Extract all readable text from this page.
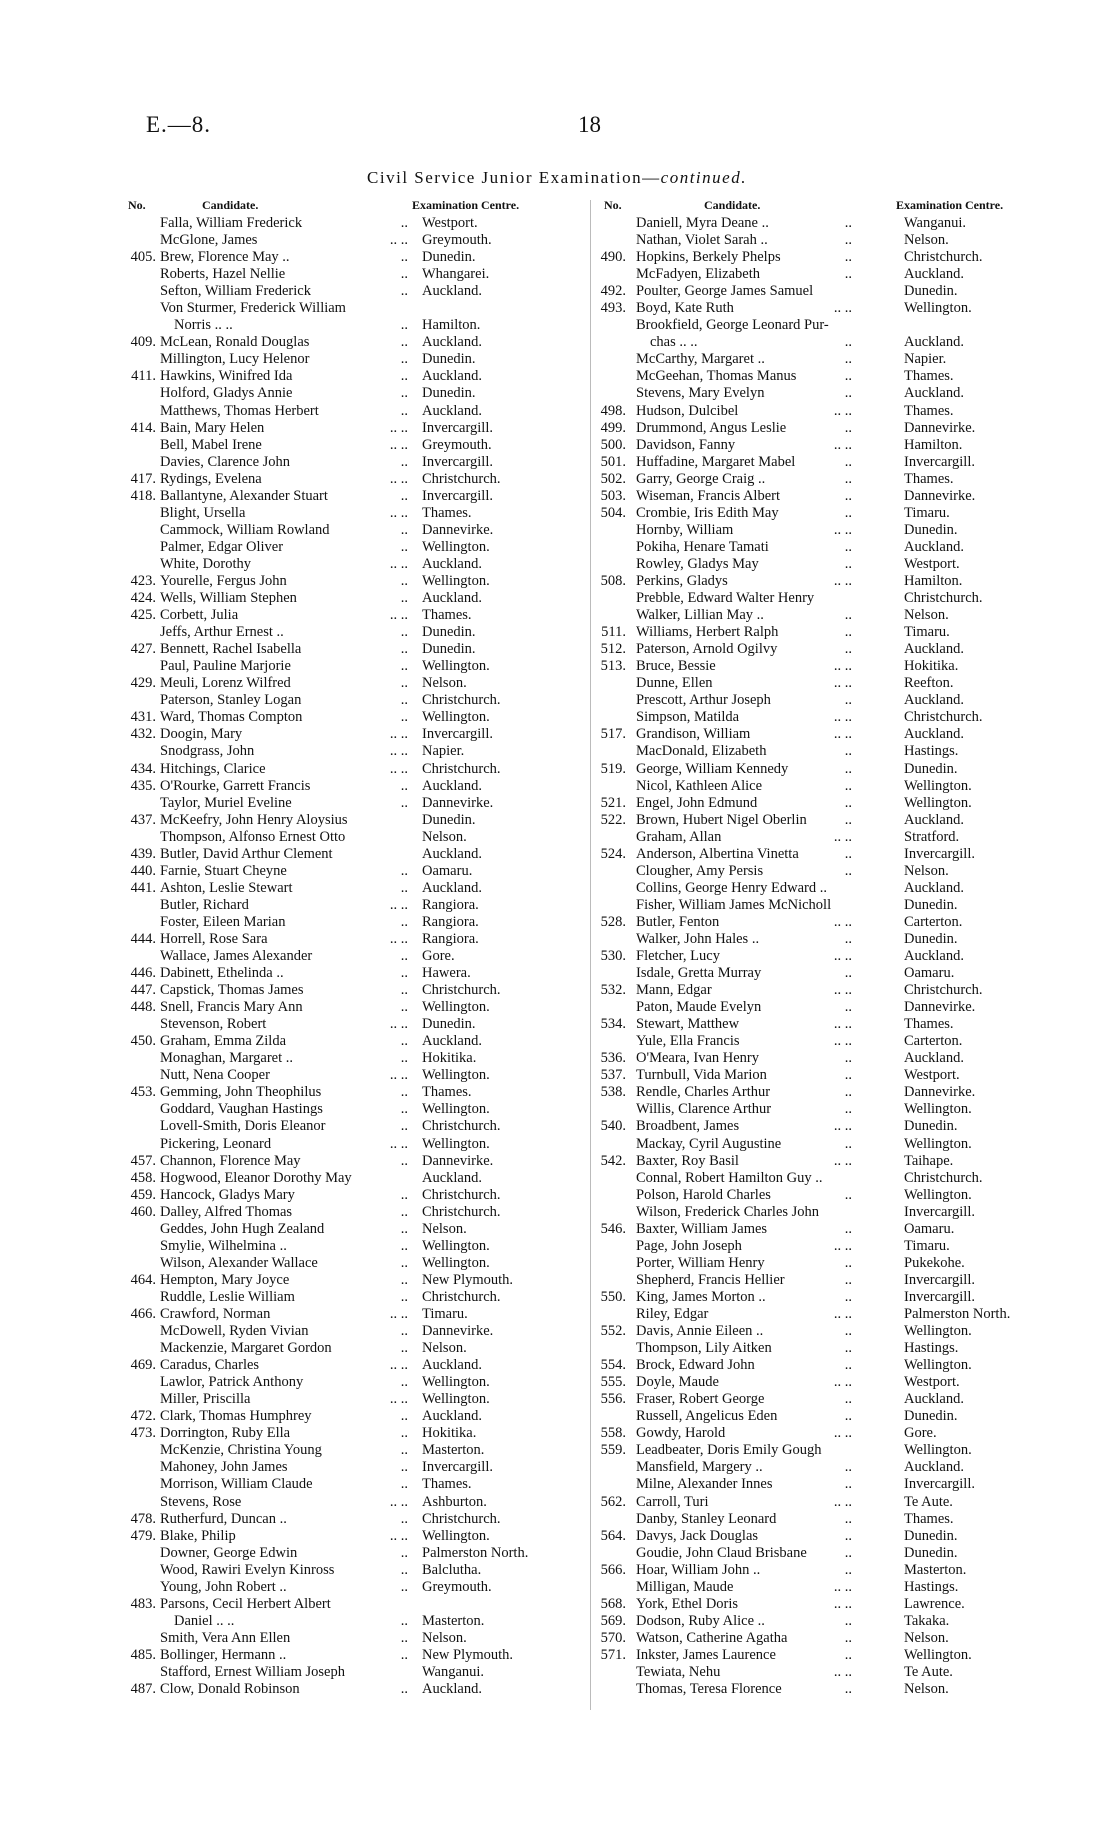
E.—8.	18
Civil Service Junior Examination—continued.
No.	Candidate.	Examination Centre.
Falla, William Frederick	.. Westport.
McGlone, James	.. .. Greymouth.
405. Brew, Florence May ..	.. Dunedin.
Roberts, Hazel Nellie	.. Whangarei.
Sefton, William Frederick	.. Auckland.
Von Sturmer, Frederick William
Norris .. ..	.. Hamilton.
409. McLean, Ronald Douglas	.. Auckland.
Millington, Lucy Helenor	.. Dunedin.
411. Hawkins, Winifred Ida	.. Auckland.
Holford, Gladys Annie	.. Dunedin.
Matthews, Thomas Herbert	.. Auckland.
414. Bain, Mary Helen	.. .. Invercargill.
Bell, Mabel Irene	.. .. Greymouth.
Davies, Clarence John	.. Invercargill.
417. Rydings, Evelena	.. .. Christchurch.
418. Ballantyne, Alexander Stuart	.. Invercargill.
Blight, Ursella	.. .. Thames.
Cammock, William Rowland	.. Dannevirke.
Palmer, Edgar Oliver	.. Wellington.
White, Dorothy	.. .. Auckland.
423. Yourelle, Fergus John	.. Wellington.
424. Wells, William Stephen	.. Auckland.
425. Corbett, Julia	.. .. Thames.
Jeffs, Arthur Ernest ..	.. Dunedin.
427. Bennett, Rachel Isabella	.. Dunedin.
Paul, Pauline Marjorie	.. Wellington.
429. Meuli, Lorenz Wilfred	.. Nelson.
Paterson, Stanley Logan	.. Christchurch.
431. Ward, Thomas Compton	.. Wellington.
432. Doogin, Mary	.. .. Invercargill.
Snodgrass, John	.. .. Napier.
434. Hitchings, Clarice	.. .. Christchurch.
435. O'Rourke, Garrett Francis	.. Auckland.
Taylor, Muriel Eveline	.. Dannevirke.
437. McKeefry, John Henry Aloysius	Dunedin.
Thompson, Alfonso Ernest Otto	Nelson.
439. Butler, David Arthur Clement	Auckland.
440. Farnie, Stuart Cheyne	.. Oamaru.
441. Ashton, Leslie Stewart	.. Auckland.
Butler, Richard	.. .. Rangiora.
Foster, Eileen Marian	.. Rangiora.
444. Horrell, Rose Sara	.. .. Rangiora.
Wallace, James Alexander	.. Gore.
446. Dabinett, Ethelinda ..	.. Hawera.
447. Capstick, Thomas James	.. Christchurch.
448. Snell, Francis Mary Ann	.. Wellington.
Stevenson, Robert	.. .. Dunedin.
450. Graham, Emma Zilda	.. Auckland.
Monaghan, Margaret ..	.. Hokitika.
Nutt, Nena Cooper	.. .. Wellington.
453. Gemming, John Theophilus	.. Thames.
Goddard, Vaughan Hastings	.. Wellington.
Lovell-Smith, Doris Eleanor	.. Christchurch.
Pickering, Leonard	.. .. Wellington.
457. Channon, Florence May	.. Dannevirke.
458. Hogwood, Eleanor Dorothy May	Auckland.
459. Hancock, Gladys Mary	.. Christchurch.
460. Dalley, Alfred Thomas	.. Christchurch.
Geddes, John Hugh Zealand	.. Nelson.
Smylie, Wilhelmina ..	.. Wellington.
Wilson, Alexander Wallace	.. Wellington.
464. Hempton, Mary Joyce	.. New Plymouth.
Ruddle, Leslie William	.. Christchurch.
466. Crawford, Norman	.. .. Timaru.
McDowell, Ryden Vivian	.. Dannevirke.
Mackenzie, Margaret Gordon	.. Nelson.
469. Caradus, Charles	.. .. Auckland.
Lawlor, Patrick Anthony	.. Wellington.
Miller, Priscilla	.. .. Wellington.
472. Clark, Thomas Humphrey	.. Auckland.
473. Dorrington, Ruby Ella	.. Hokitika.
McKenzie, Christina Young	.. Masterton.
Mahoney, John James	.. Invercargill.
Morrison, William Claude	.. Thames.
Stevens, Rose	.. .. Ashburton.
478. Rutherfurd, Duncan ..	.. Christchurch.
479. Blake, Philip	.. .. Wellington.
Downer, George Edwin	.. Palmerston North.
Wood, Rawiri Evelyn Kinross	.. Balclutha.
Young, John Robert ..	.. Greymouth.
483. Parsons, Cecil Herbert Albert
Daniel .. ..	.. Masterton.
Smith, Vera Ann Ellen	.. Nelson.
485. Bollinger, Hermann ..	.. New Plymouth.
Stafford, Ernest William Joseph	Wanganui.
487. Clow, Donald Robinson	.. Auckland.
No.	Candidate.	Examination Centre.
Daniell, Myra Deane ..	..	Wanganui.
Nathan, Violet Sarah ..	..	Nelson.
490. Hopkins, Berkely Phelps	..	Christchurch.
McFadyen, Elizabeth	..	Auckland.
492. Poulter, George James Samuel	Dunedin.
493. Boyd, Kate Ruth	.. ..	Wellington.
Brookfield, George Leonard Pur-
chas .. ..	..	Auckland.
McCarthy, Margaret ..	..	Napier.
McGeehan, Thomas Manus	..	Thames.
Stevens, Mary Evelyn	..	Auckland.
498. Hudson, Dulcibel	.. ..	Thames.
499. Drummond, Angus Leslie	..	Dannevirke.
500. Davidson, Fanny	.. ..	Hamilton.
501. Huffadine, Margaret Mabel	..	Invercargill.
502. Garry, George Craig ..	..	Thames.
503. Wiseman, Francis Albert	..	Dannevirke.
504. Crombie, Iris Edith May	..	Timaru.
Hornby, William	.. ..	Dunedin.
Pokiha, Henare Tamati	..	Auckland.
Rowley, Gladys May	..	Westport.
508. Perkins, Gladys	.. ..	Hamilton.
Prebble, Edward Walter Henry	Christchurch.
Walker, Lillian May ..	..	Nelson.
511. Williams, Herbert Ralph	..	Timaru.
512. Paterson, Arnold Ogilvy	..	Auckland.
513. Bruce, Bessie	.. ..	Hokitika.
Dunne, Ellen	.. ..	Reefton.
Prescott, Arthur Joseph	..	Auckland.
Simpson, Matilda	.. ..	Christchurch.
517. Grandison, William	.. ..	Auckland.
MacDonald, Elizabeth	..	Hastings.
519. George, William Kennedy	..	Dunedin.
Nicol, Kathleen Alice	..	Wellington.
521. Engel, John Edmund	..	Wellington.
522. Brown, Hubert Nigel Oberlin	..	Auckland.
Graham, Allan	.. ..	Stratford.
524. Anderson, Albertina Vinetta	..	Invercargill.
Clougher, Amy Persis	..	Nelson.
Collins, George Henry Edward ..	Auckland.
Fisher, William James McNicholl	Dunedin.
528. Butler, Fenton	.. ..	Carterton.
Walker, John Hales ..	..	Dunedin.
530. Fletcher, Lucy	.. ..	Auckland.
Isdale, Gretta Murray	..	Oamaru.
532. Mann, Edgar	.. ..	Christchurch.
Paton, Maude Evelyn	..	Dannevirke.
534. Stewart, Matthew	.. ..	Thames.
Yule, Ella Francis	.. ..	Carterton.
536. O'Meara, Ivan Henry	..	Auckland.
537. Turnbull, Vida Marion	..	Westport.
538. Rendle, Charles Arthur	..	Dannevirke.
Willis, Clarence Arthur	..	Wellington.
540. Broadbent, James	.. ..	Dunedin.
Mackay, Cyril Augustine	..	Wellington.
542. Baxter, Roy Basil	.. ..	Taihape.
Connal, Robert Hamilton Guy ..	Christchurch.
Polson, Harold Charles	..	Wellington.
Wilson, Frederick Charles John	Invercargill.
546. Baxter, William James	..	Oamaru.
Page, John Joseph	.. ..	Timaru.
Porter, William Henry	..	Pukekohe.
Shepherd, Francis Hellier	..	Invercargill.
550. King, James Morton ..	..	Invercargill.
Riley, Edgar	.. ..	Palmerston North.
552. Davis, Annie Eileen ..	..	Wellington.
Thompson, Lily Aitken	..	Hastings.
554. Brock, Edward John	..	Wellington.
555. Doyle, Maude	.. ..	Westport.
556. Fraser, Robert George	..	Auckland.
Russell, Angelicus Eden	..	Dunedin.
558. Gowdy, Harold	.. ..	Gore.
559. Leadbeater, Doris Emily Gough	Wellington.
Mansfield, Margery ..	..	Auckland.
Milne, Alexander Innes	..	Invercargill.
562. Carroll, Turi	.. ..	Te Aute.
Danby, Stanley Leonard	..	Thames.
564. Davys, Jack Douglas	..	Dunedin.
Goudie, John Claud Brisbane	..	Dunedin.
566. Hoar, William John ..	..	Masterton.
Milligan, Maude	.. ..	Hastings.
568. York, Ethel Doris	.. ..	Lawrence.
569. Dodson, Ruby Alice ..	..	Takaka.
570. Watson, Catherine Agatha	..	Nelson.
571. Inkster, James Laurence	..	Wellington.
Tewiata, Nehu	.. ..	Te Aute.
Thomas, Teresa Florence	..	Nelson.
